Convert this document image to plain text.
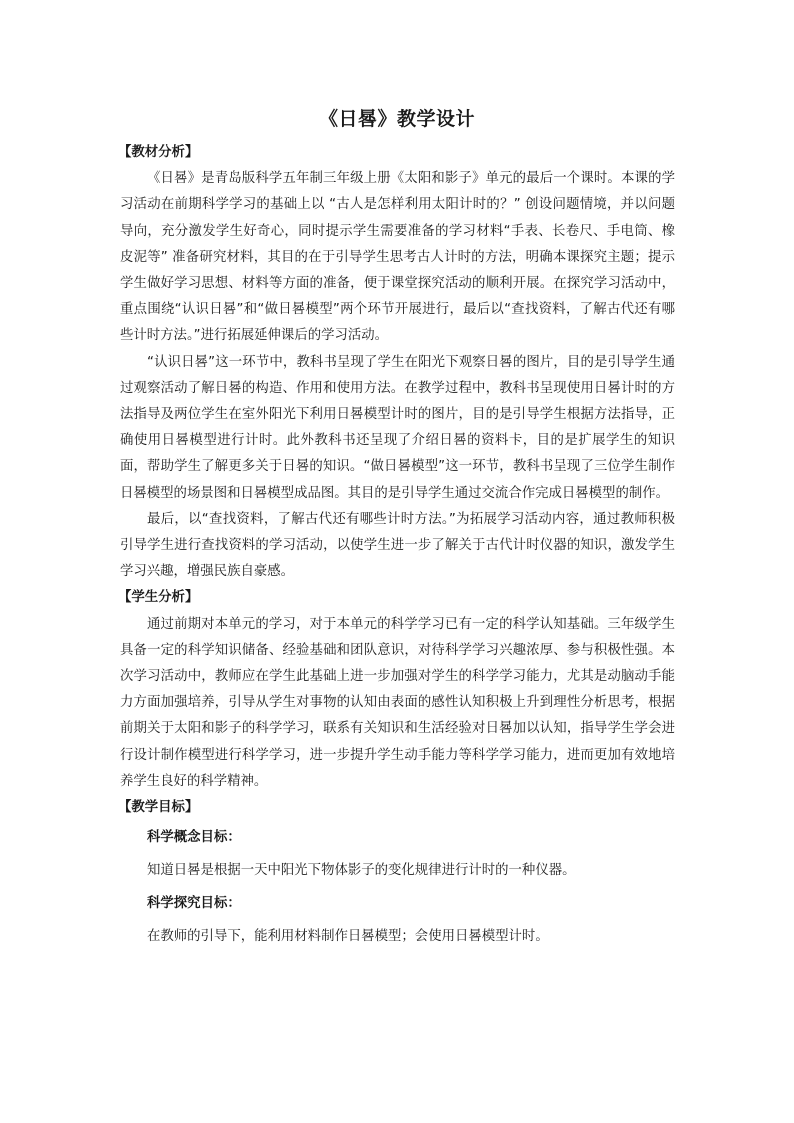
《日晷》教学设计
【教材分析】

《日晷》是青岛版科学五年制三年级上册《太阳和影子》单元的最后一个课时。本课的学习活动在前期科学学习的基础上以 “古人是怎样利用太阳计时的？” 创设问题情境，并以问题导向，充分激发学生好奇心，同时提示学生需要准备的学习材料“手表、长卷尺、手电筒、橡皮泥等” 准备研究材料，其目的在于引导学生思考古人计时的方法，明确本课探究主题；提示学生做好学习思想、材料等方面的准备，便于课堂探究活动的顺利开展。在探究学习活动中，重点围绕“认识日晷”和“做日晷模型”两个环节开展进行，最后以“查找资料，了解古代还有哪些计时方法。”进行拓展延伸课后的学习活动。

“认识日晷”这一环节中，教科书呈现了学生在阳光下观察日晷的图片，目的是引导学生通过观察活动了解日晷的构造、作用和使用方法。在教学过程中，教科书呈现使用日晷计时的方法指导及两位学生在室外阳光下利用日晷模型计时的图片，目的是引导学生根据方法指导，正确使用日晷模型进行计时。此外教科书还呈现了介绍日晷的资料卡，目的是扩展学生的知识面，帮助学生了解更多关于日晷的知识。“做日晷模型”这一环节，教科书呈现了三位学生制作日晷模型的场景图和日晷模型成品图。其目的是引导学生通过交流合作完成日晷模型的制作。

最后，以“查找资料，了解古代还有哪些计时方法。”为拓展学习活动内容，通过教师积极引导学生进行查找资料的学习活动，以使学生进一步了解关于古代计时仪器的知识，激发学生学习兴趣，增强民族自豪感。

【学生分析】

通过前期对本单元的学习，对于本单元的科学学习已有一定的科学认知基础。三年级学生具备一定的科学知识储备、经验基础和团队意识，对待科学学习兴趣浓厚、参与积极性强。本次学习活动中，教师应在学生此基础上进一步加强对学生的科学学习能力，尤其是动脑动手能力方面加强培养，引导从学生对事物的认知由表面的感性认知积极上升到理性分析思考，根据前期关于太阳和影子的科学学习，联系有关知识和生活经验对日晷加以认知，指导学生学会进行设计制作模型进行科学学习，进一步提升学生动手能力等科学学习能力，进而更加有效地培养学生良好的科学精神。

【教学目标】
科学概念目标：
知道日晷是根据一天中阳光下物体影子的变化规律进行计时的一种仪器。
科学探究目标：
在教师的引导下，能利用材料制作日晷模型；会使用日晷模型计时。
